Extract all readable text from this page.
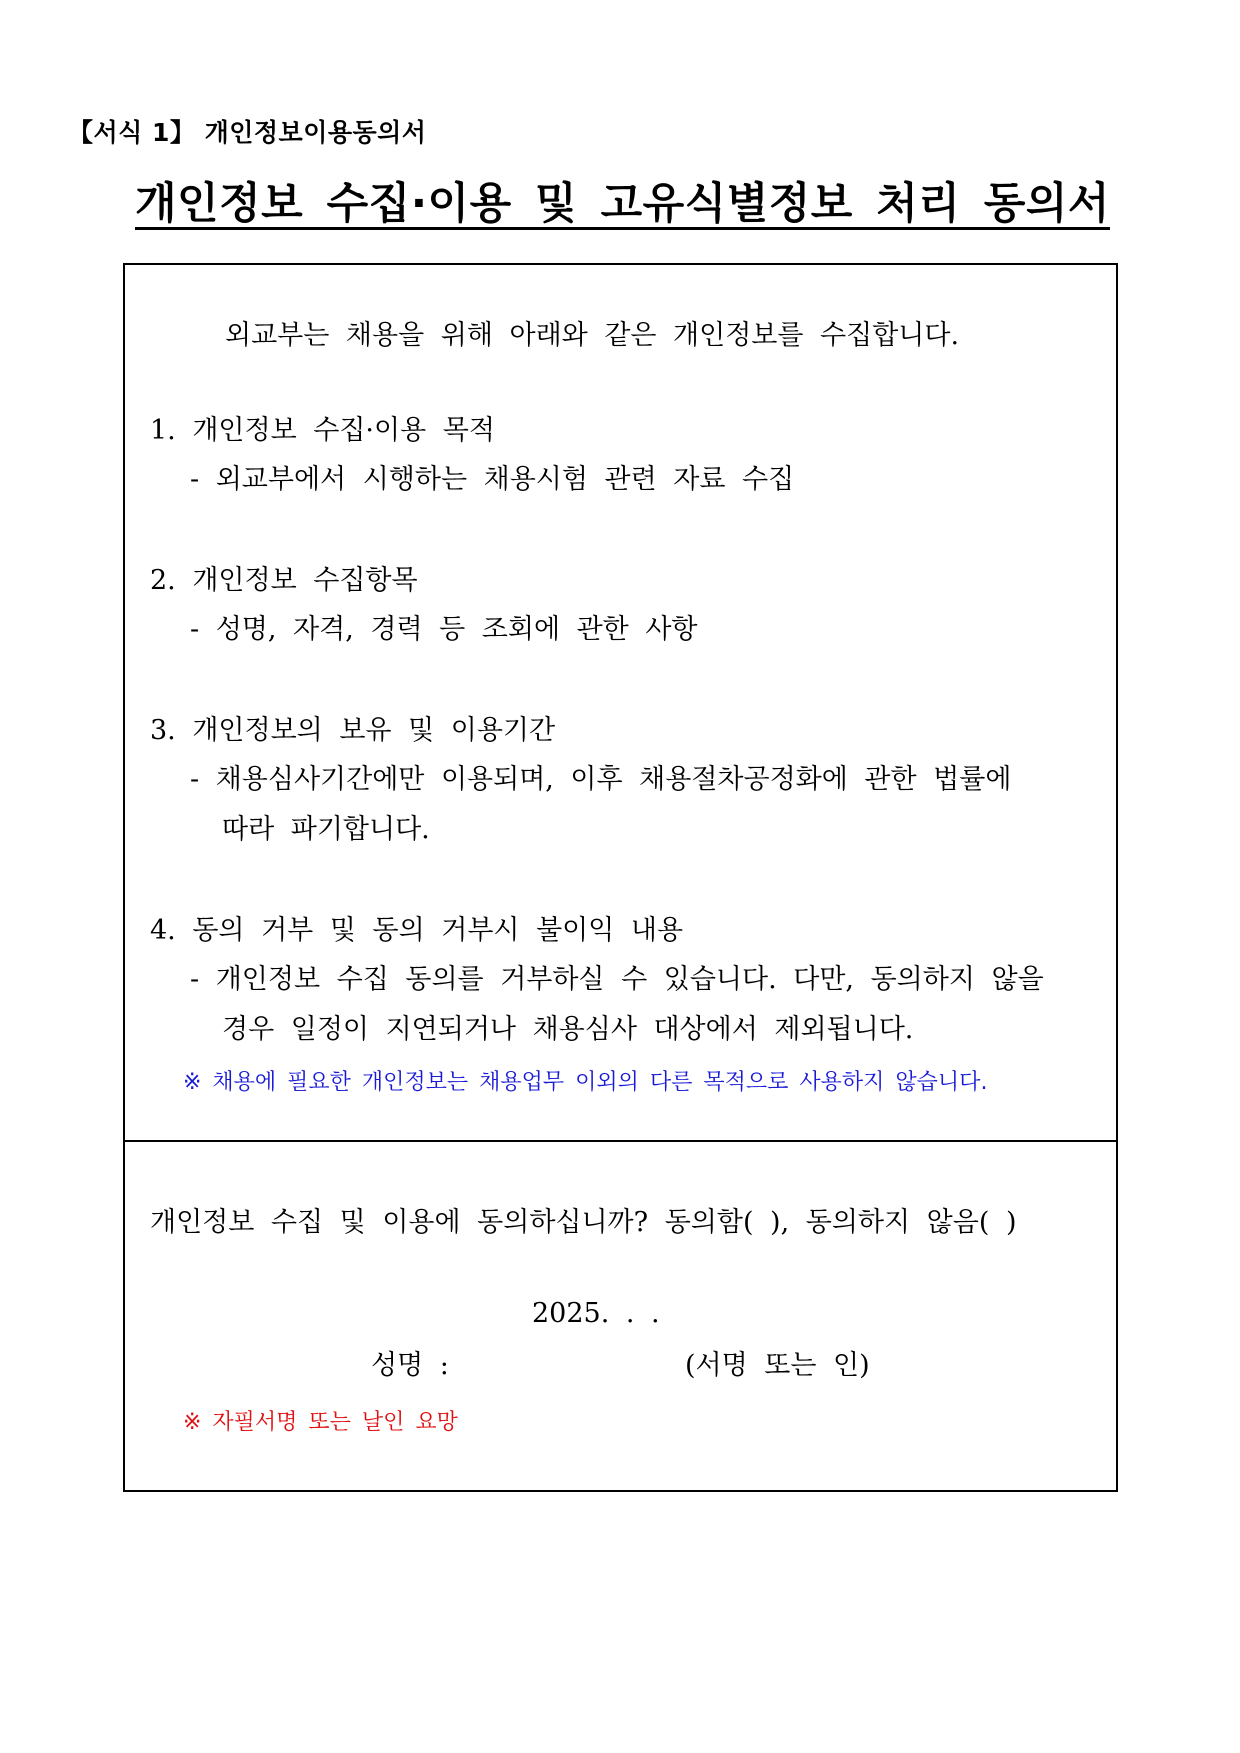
【서식 1】 개인정보이용동의서
개인정보 수집·이용 및 고유식별정보 처리 동의서
외교부는 채용을 위해 아래와 같은 개인정보를 수집합니다.
1. 개인정보 수집·이용 목적
- 외교부에서 시행하는 채용시험 관련 자료 수집
2. 개인정보 수집항목
- 성명, 자격, 경력 등 조회에 관한 사항
3. 개인정보의 보유 및 이용기간
- 채용심사기간에만 이용되며, 이후 채용절차공정화에 관한 법률에
따라 파기합니다.
4. 동의 거부 및 동의 거부시 불이익 내용
- 개인정보 수집 동의를 거부하실 수 있습니다. 다만, 동의하지 않을
경우 일정이 지연되거나 채용심사 대상에서 제외됩니다.
※ 채용에 필요한 개인정보는 채용업무 이외의 다른 목적으로 사용하지 않습니다.
개인정보 수집 및 이용에 동의하십니까? 동의함( ), 동의하지 않음( )
2025. . .
성명 :	(서명 또는 인)
※ 자필서명 또는 날인 요망
